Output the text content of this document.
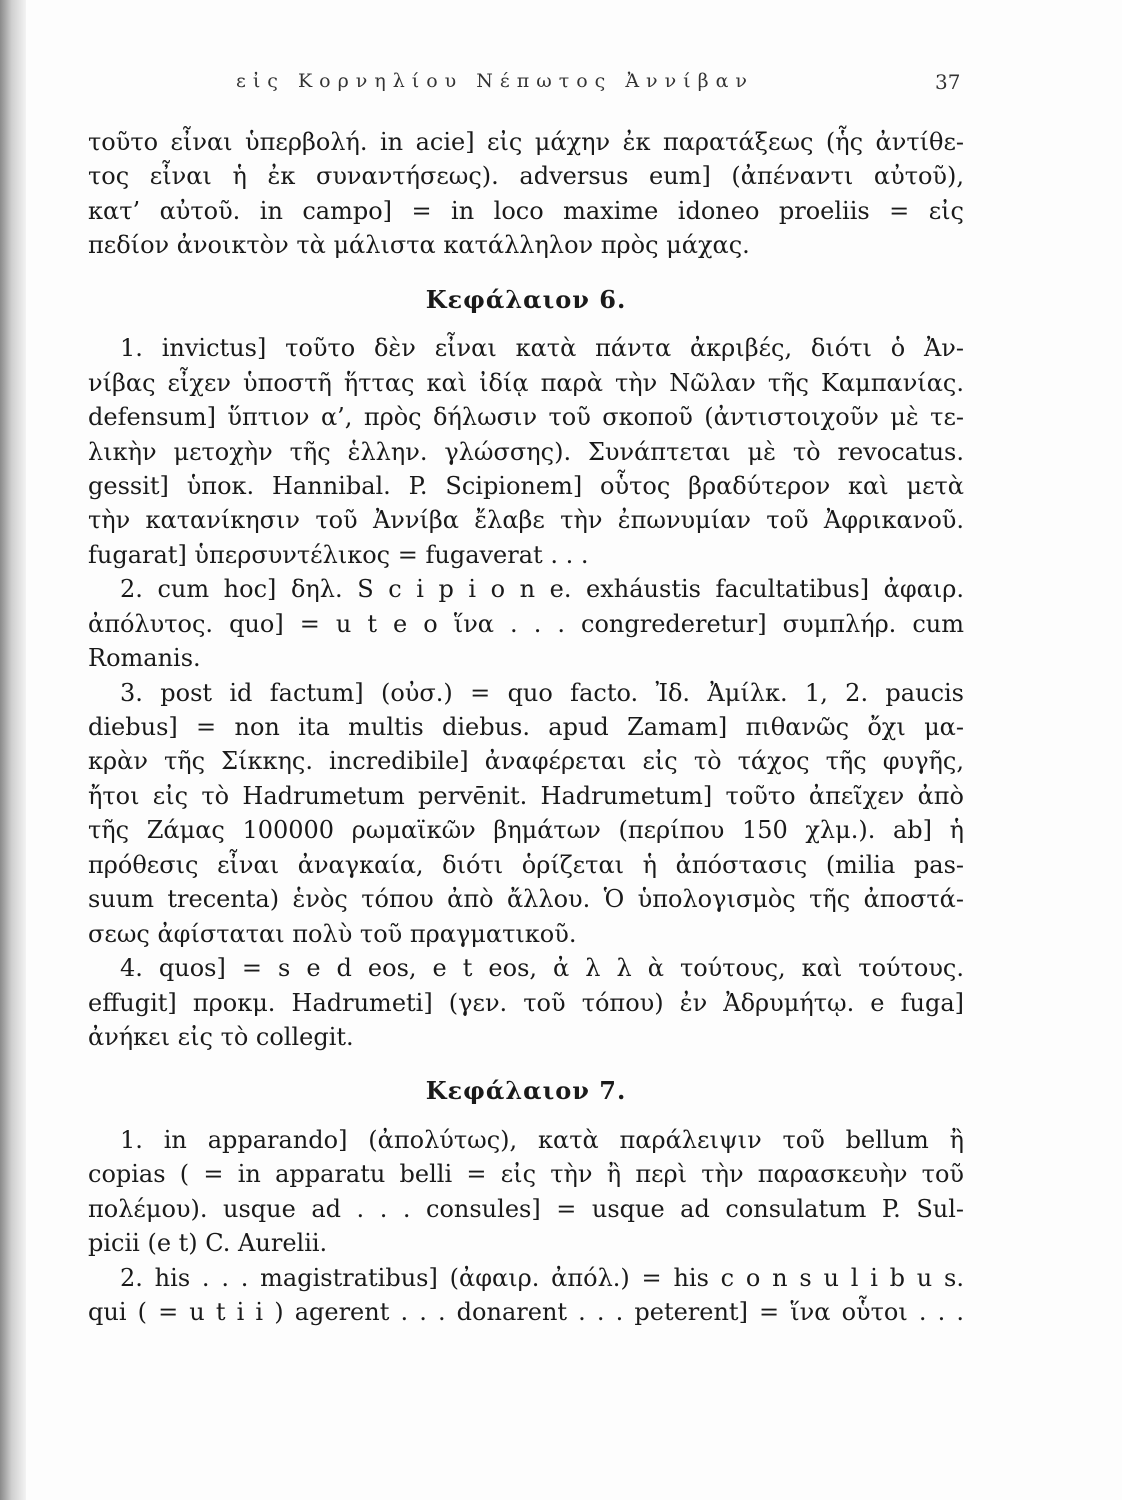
εἰς Κορνηλίου Νέπωτος Ἀννίβαν	37
τοῦτο εἶναι ὑπερβολή. in acie] εἰς μάχην ἐκ παρατάξεως (ἧς ἀντίθε-
τος εἶναι ἡ ἐκ συναντήσεως). adversus eum] (ἀπέναντι αὐτοῦ),
κατ’ αὐτοῦ. in campo] = in loco maxime idoneo proeliis = εἰς
πεδίον ἀνοικτὸν τὰ μάλιστα κατάλληλον πρὸς μάχας.
Κεφάλαιον 6.
1. invictus] τοῦτο δὲν εἶναι κατὰ πάντα ἀκριβές, διότι ὁ Ἀν-
νίβας εἶχεν ὑποστῆ ἥττας καὶ ἰδίᾳ παρὰ τὴν Νῶλαν τῆς Καμπανίας.
defensum] ὕπτιον α’, πρὸς δήλωσιν τοῦ σκοποῦ (ἀντιστοιχοῦν μὲ τε-
λικὴν μετοχὴν τῆς ἑλλην. γλώσσης). Συνάπτεται μὲ τὸ revocatus.
gessit] ὑποκ. Hannibal. P. Scipionem] οὗτος βραδύτερον καὶ μετὰ
τὴν κατανίκησιν τοῦ Ἀννίβα ἔλαβε τὴν ἐπωνυμίαν τοῦ Ἀφρικανοῦ.
fugarat] ὑπερσυντέλικος = fugaverat . . .
2. cum hoc] δηλ. S c i p i o n e. exháustis facultatibus] ἀφαιρ.
ἀπόλυτος. quo] = u t e o ἵνα . . . congrederetur] συμπλήρ. cum
Romanis.
3. post id factum] (οὐσ.) = quo facto. Ἰδ. Ἀμίλκ. 1, 2. paucis
diebus] = non ita multis diebus. apud Zamam] πιθανῶς ὄχι μα-
κρὰν τῆς Σίκκης. incredibile] ἀναφέρεται εἰς τὸ τάχος τῆς φυγῆς,
ἤτοι εἰς τὸ Hadrumetum pervēnit. Hadrumetum] τοῦτο ἀπεῖχεν ἀπὸ
τῆς Ζάμας 100000 ρωμαϊκῶν βημάτων (περίπου 150 χλμ.). ab] ἡ
πρόθεσις εἶναι ἀναγκαία, διότι ὁρίζεται ἡ ἀπόστασις (milia pas-
suum trecenta) ἑνὸς τόπου ἀπὸ ἄλλου. Ὁ ὑπολογισμὸς τῆς ἀποστά-
σεως ἀφίσταται πολὺ τοῦ πραγματικοῦ.
4. quos] = s e d eos, e t eos, ἀ λ λ ὰ τούτους, καὶ τούτους.
effugit] προκμ. Hadrumeti] (γεν. τοῦ τόπου) ἐν Ἀδρυμήτῳ. e fuga]
ἀνήκει εἰς τὸ collegit.
Κεφάλαιον 7.
1. in apparando] (ἀπολύτως), κατὰ παράλειψιν τοῦ bellum ἢ
copias ( = in apparatu belli = εἰς τὴν ἢ περὶ τὴν παρασκευὴν τοῦ
πολέμου). usque ad . . . consules] = usque ad consulatum P. Sul-
picii (e t) C. Aurelii.
2. his . . . magistratibus] (ἀφαιρ. ἀπόλ.) = his c o n s u l i b u s.
qui ( = u t i i ) agerent . . . donarent . . . peterent] = ἵνα οὗτοι . . .
